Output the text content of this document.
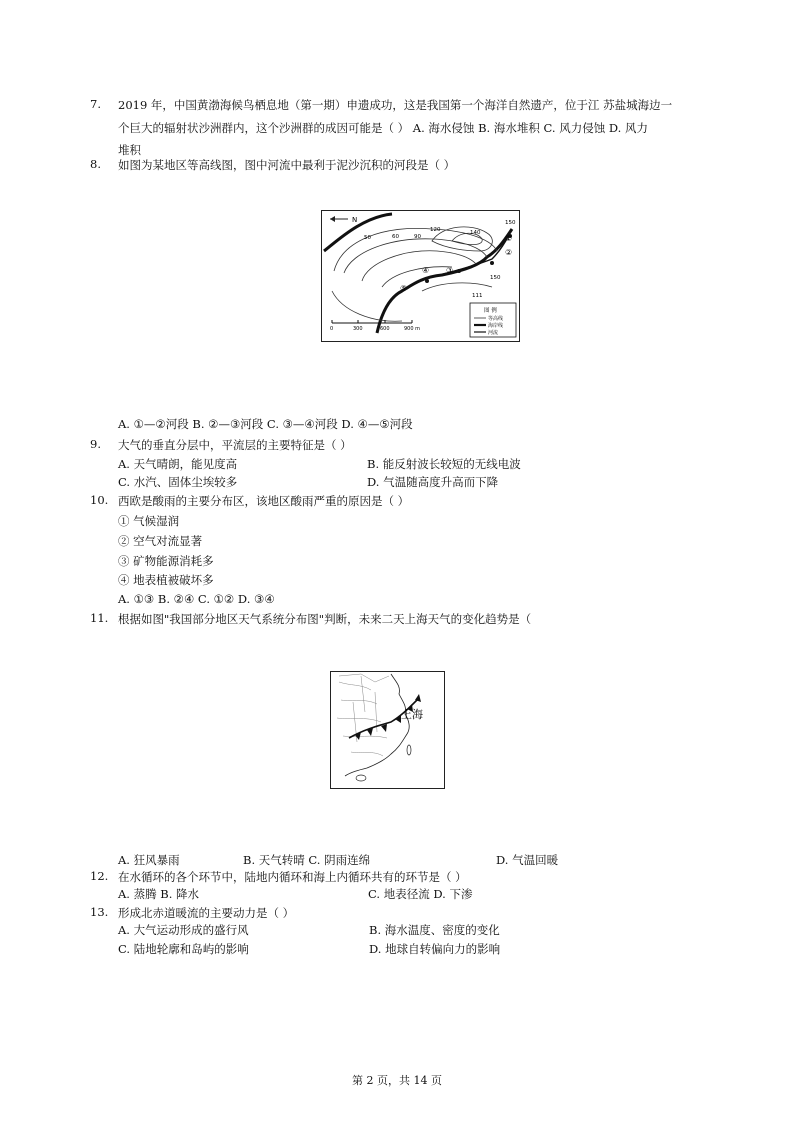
7. 2019 年，中国黄渤海候鸟栖息地（第一期）申遗成功，这是我国第一个海洋自然遗产，位于江 苏盐城海边一
个巨大的辐射状沙洲群内，这个沙洲群的成因可能是（ ） A. 海水侵蚀 B. 海水堆积 C. 风力侵蚀 D. 风力
堆积
8. 如图为某地区等高线图，图中河流中最利于泥沙沉积的河段是（ ）
N
50	60	90
120	140
150
150
111
①
②
③
④
⑤
0	300	600	900 m
图 例
等高线
海岸线
河流
A. ①—②河段 B. ②—③河段 C. ③—④河段 D. ④—⑤河段
9. 大气的垂直分层中，平流层的主要特征是（ ）
A. 天气晴朗，能见度高	B. 能反射波长较短的无线电波
C. 水汽、固体尘埃较多	D. 气温随高度升高而下降
10. 西欧是酸雨的主要分布区，该地区酸雨严重的原因是（ ）
① 气候湿润
② 空气对流显著
③ 矿物能源消耗多
④ 地表植被破坏多
A. ①③ B. ②④ C. ①② D. ③④
11. 根据如图"我国部分地区天气系统分布图"判断，未来二天上海天气的变化趋势是（
上海
A. 狂风暴雨	B. 天气转晴 C. 阴雨连绵	D. 气温回暖
12. 在水循环的各个环节中，陆地内循环和海上内循环共有的环节是（ ）
A. 蒸腾 B. 降水	C. 地表径流 D. 下渗
13. 形成北赤道暖流的主要动力是（ ）
A. 大气运动形成的盛行风	B. 海水温度、密度的变化
C. 陆地轮廓和岛屿的影响	D. 地球自转偏向力的影响
第 2 页，共 14 页
